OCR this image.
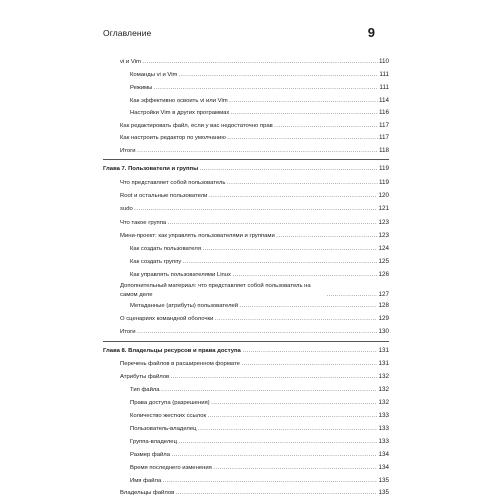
Оглавление	9
vi и Vim . . .	110
Команды vi и Vim . . .	111
Режимы . . .	111
Как эффективно освоить vi или Vim . . .	114
Настройки Vim в других программах . . .	116
Как редактировать файл, если у вас недостаточно прав . . .	117
Как настроить редактор по умолчанию . . .	117
Итоги . . .	118
Глава 7. Пользователи и группы . . .	119
Что представляет собой пользователь . . .	119
Root и остальные пользователи . . .	120
sudo . . .	121
Что такое группа . . .	123
Мини-проект: как управлять пользователями и группами . . .	123
Как создать пользователя . . .	124
Как создать группу . . .	125
Как управлять пользователями Linux . . .	126
Дополнительный материал: что представляет собой пользователь на самом деле . . .	127
Метаданные (атрибуты) пользователей . . .	128
О сценариях командной оболочки . . .	129
Итоги . . .	130
Глава 8. Владельцы ресурсов и права доступа . . .	131
Перечень файлов в расширенном формате . . .	131
Атрибуты файлов . . .	132
Тип файла . . .	132
Права доступа (разрешения) . . .	132
Количество жестких ссылок . . .	133
Пользователь-владелец . . .	133
Группа-владелец . . .	133
Размер файла . . .	134
Время последнего изменения . . .	134
Имя файла . . .	135
Владельцы файлов . . .	135
